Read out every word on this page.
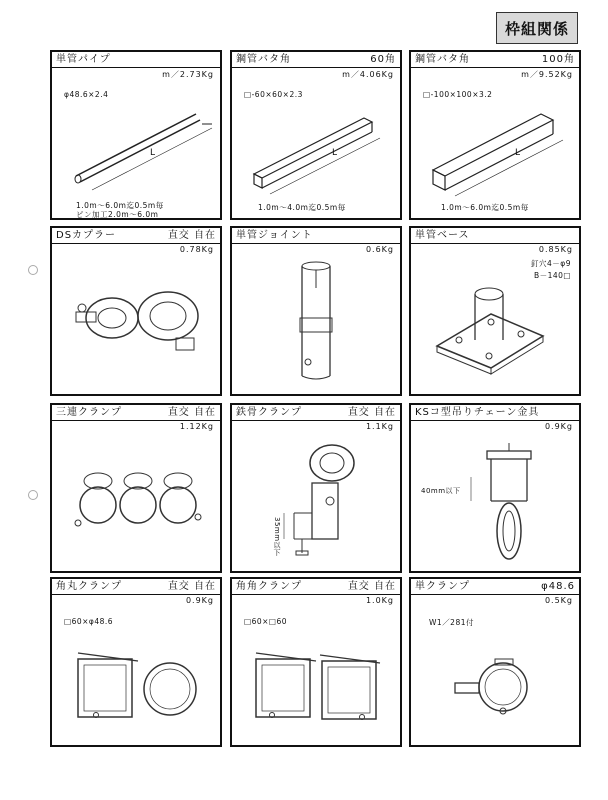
枠組関係
単管パイプ
m／2.73Kg
φ48.6×2.4
L
1.0m～6.0m迄0.5m毎
ピン加工2.0m～6.0m
鋼管バタ角	60角
m／4.06Kg
□-60×60×2.3
L
1.0m～4.0m迄0.5m毎
鋼管バタ角	100角
m／9.52Kg
□-100×100×3.2
L
1.0m～6.0m迄0.5m毎
DSカプラー	直交 自在
0.78Kg
単管ジョイント
0.6Kg
単管ベース
0.85Kg
釘穴4－φ9
B－140□
三連クランプ	直交 自在
1.12Kg
鉄骨クランプ	直交 自在
1.1Kg
35mm以下
KSコ型吊りチェーン金具
0.9Kg
40mm以下
角丸クランプ	直交 自在
0.9Kg
□60×φ48.6
角角クランプ	直交 自在
1.0Kg
□60×□60
単クランプ	φ48.6
0.5Kg
W1／281付
